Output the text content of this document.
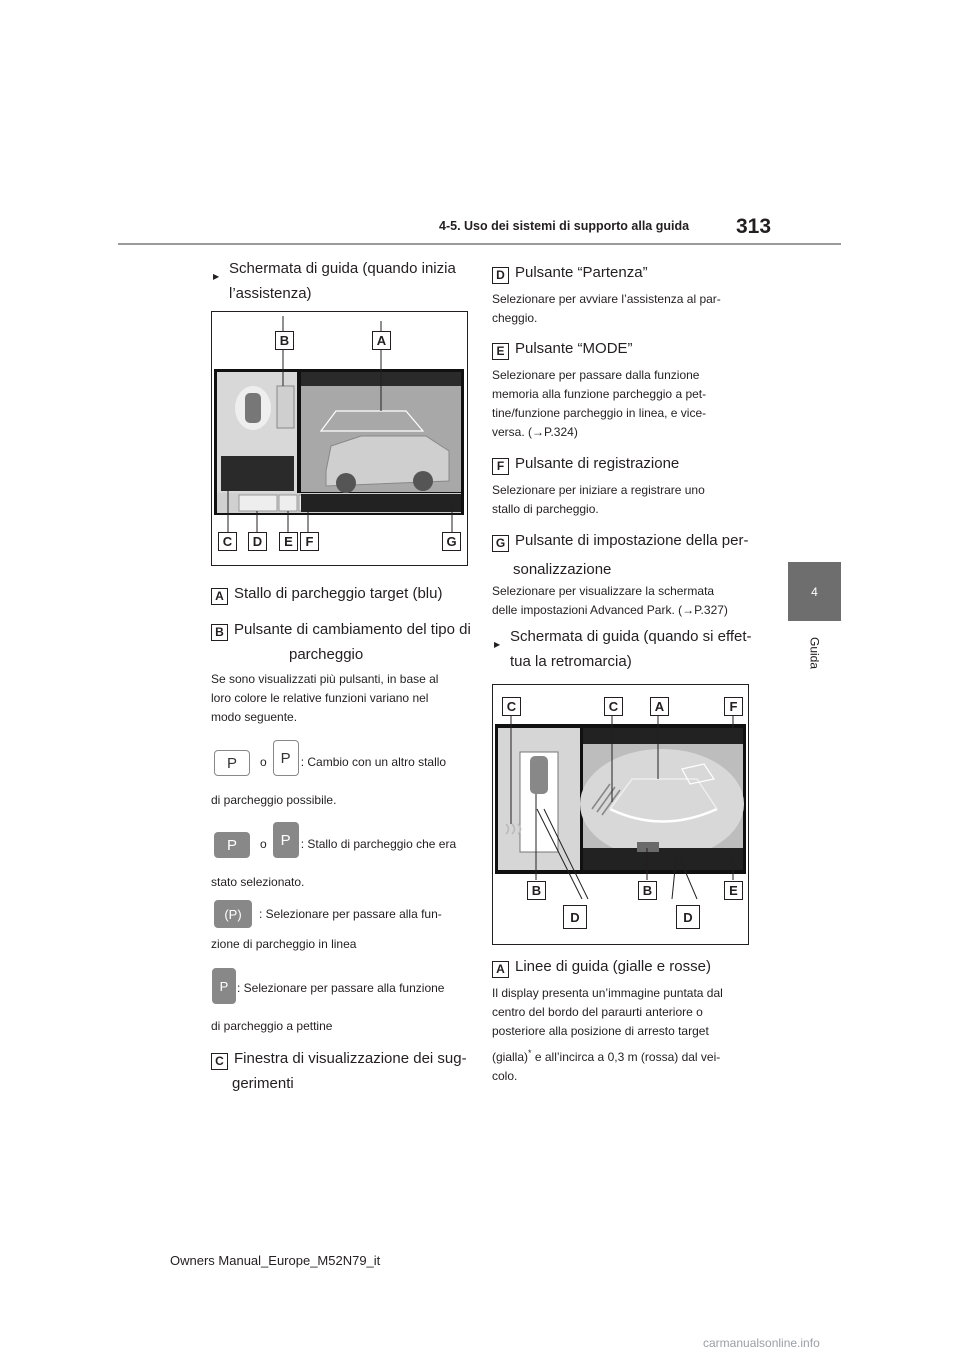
4-5. Uso dei sistemi di supporto alla guida 313
4
Guida
▶ Schermata di guida (quando inizia
l’assistenza)
B	A
C	D	E F	G
A Stallo di parcheggio target (blu)
B Pulsante di cambiamento del tipo di
parcheggio
Se sono visualizzati più pulsanti, in base al
loro colore le relative funzioni variano nel
modo seguente.
P	o P : Cambio con un altro stallo
di parcheggio possibile.
P	o P : Stallo di parcheggio che era
stato selezionato.
(P)	: Selezionare per passare alla fun-
zione di parcheggio in linea
P : Selezionare per passare alla funzione
di parcheggio a pettine
C Finestra di visualizzazione dei sug-
gerimenti
D Pulsante “Partenza”
Selezionare per avviare l’assistenza al par-
cheggio.
E Pulsante “MODE”
Selezionare per passare dalla funzione
memoria alla funzione parcheggio a pet-
tine/funzione parcheggio in linea, e vice-
versa. (→P.324)
F Pulsante di registrazione
Selezionare per iniziare a registrare uno
stallo di parcheggio.
G Pulsante di impostazione della per-
sonalizzazione
Selezionare per visualizzare la schermata
delle impostazioni Advanced Park. (→P.327)
▶ Schermata di guida (quando si effet-
tua la retromarcia)
C	C	A	F
B	B	E
D	D
A Linee di guida (gialle e rosse)
Il display presenta un’immagine puntata dal
centro del bordo del paraurti anteriore o
posteriore alla posizione di arresto target
(gialla)* e all’incirca a 0,3 m (rossa) dal vei-
colo.
Owners Manual_Europe_M52N79_it
carmanualsonline.info
